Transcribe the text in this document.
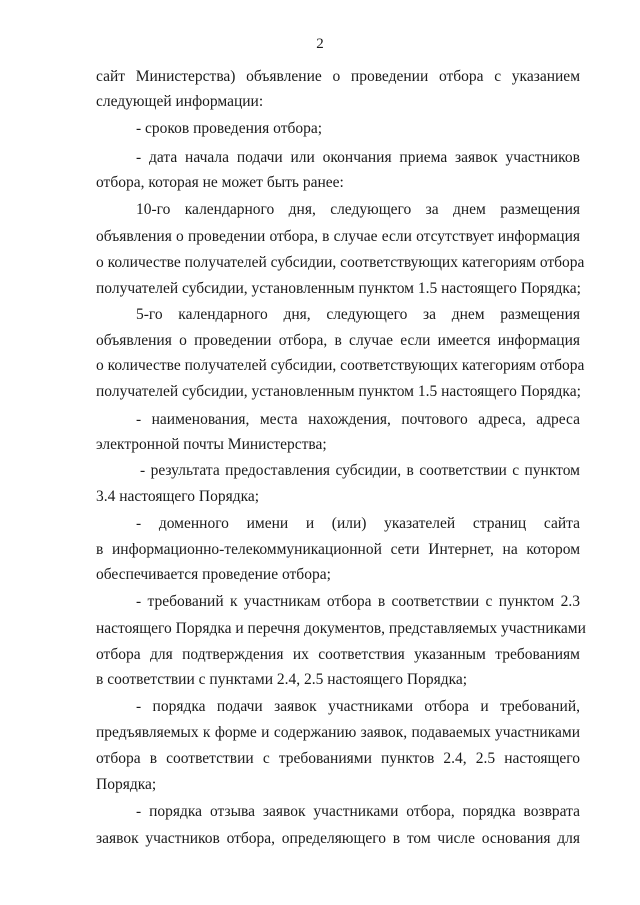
2
сайт Министерства) объявление о проведении отбора с указанием
следующей информации:
- сроков проведения отбора;
- дата начала подачи или окончания приема заявок участников
отбора, которая не может быть ранее:
10-го календарного дня, следующего за днем размещения
объявления о проведении отбора, в случае если отсутствует информация
о количестве получателей субсидии, соответствующих категориям отбора
получателей субсидии, установленным пунктом 1.5 настоящего Порядка;
5-го календарного дня, следующего за днем размещения
объявления о проведении отбора, в случае если имеется информация
о количестве получателей субсидии, соответствующих категориям отбора
получателей субсидии, установленным пунктом 1.5 настоящего Порядка;
- наименования, места нахождения, почтового адреса, адреса
электронной почты Министерства;
- результата предоставления субсидии, в соответствии с пунктом
3.4 настоящего Порядка;
- доменного имени и (или) указателей страниц сайта
в информационно-телекоммуникационной сети Интернет, на котором
обеспечивается проведение отбора;
- требований к участникам отбора в соответствии с пунктом 2.3
настоящего Порядка и перечня документов, представляемых участниками
отбора для подтверждения их соответствия указанным требованиям
в соответствии с пунктами 2.4, 2.5 настоящего Порядка;
- порядка подачи заявок участниками отбора и требований,
предъявляемых к форме и содержанию заявок, подаваемых участниками
отбора в соответствии с требованиями пунктов 2.4, 2.5 настоящего
Порядка;
- порядка отзыва заявок участниками отбора, порядка возврата
заявок участников отбора, определяющего в том числе основания для
